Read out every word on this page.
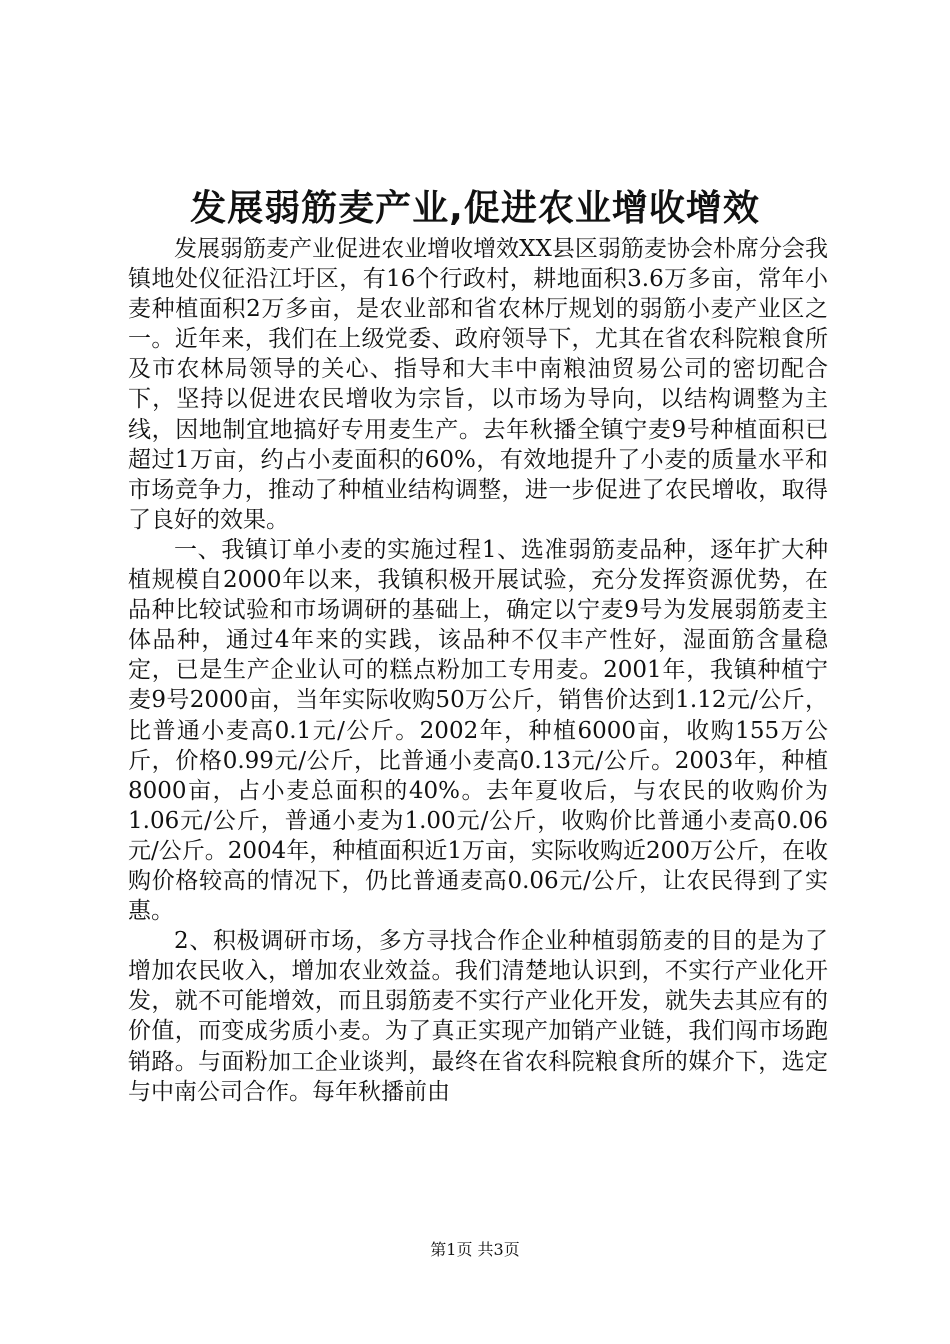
发展弱筋麦产业,促进农业增收增效

发展弱筋麦产业促进农业增收增效XX县区弱筋麦协会朴席分会我镇地处仪征沿江圩区，有16个行政村，耕地面积3.6万多亩，常年小麦种植面积2万多亩，是农业部和省农林厅规划的弱筋小麦产业区之一。近年来，我们在上级党委、政府领导下，尤其在省农科院粮食所及市农林局领导的关心、指导和大丰中南粮油贸易公司的密切配合下，坚持以促进农民增收为宗旨，以市场为导向，以结构调整为主线，因地制宜地搞好专用麦生产。去年秋播全镇宁麦9号种植面积已超过1万亩，约占小麦面积的60%，有效地提升了小麦的质量水平和市场竞争力，推动了种植业结构调整，进一步促进了农民增收，取得了良好的效果。

一、我镇订单小麦的实施过程1、选准弱筋麦品种，逐年扩大种植规模自2000年以来，我镇积极开展试验，充分发挥资源优势，在品种比较试验和市场调研的基础上，确定以宁麦9号为发展弱筋麦主体品种，通过4年来的实践，该品种不仅丰产性好，湿面筋含量稳定，已是生产企业认可的糕点粉加工专用麦。2001年，我镇种植宁麦9号2000亩，当年实际收购50万公斤，销售价达到1.12元/公斤，比普通小麦高0.1元/公斤。2002年，种植6000亩，收购155万公斤，价格0.99元/公斤，比普通小麦高0.13元/公斤。2003年，种植8000亩，占小麦总面积的40%。去年夏收后，与农民的收购价为1.06元/公斤，普通小麦为1.00元/公斤，收购价比普通小麦高0.06元/公斤。2004年，种植面积近1万亩，实际收购近200万公斤，在收购价格较高的情况下，仍比普通麦高0.06元/公斤，让农民得到了实惠。

2、积极调研市场，多方寻找合作企业种植弱筋麦的目的是为了增加农民收入，增加农业效益。我们清楚地认识到，不实行产业化开发，就不可能增效，而且弱筋麦不实行产业化开发，就失去其应有的价值，而变成劣质小麦。为了真正实现产加销产业链，我们闯市场跑销路。与面粉加工企业谈判，最终在省农科院粮食所的媒介下，选定与中南公司合作。每年秋播前由

第1页 共3页
